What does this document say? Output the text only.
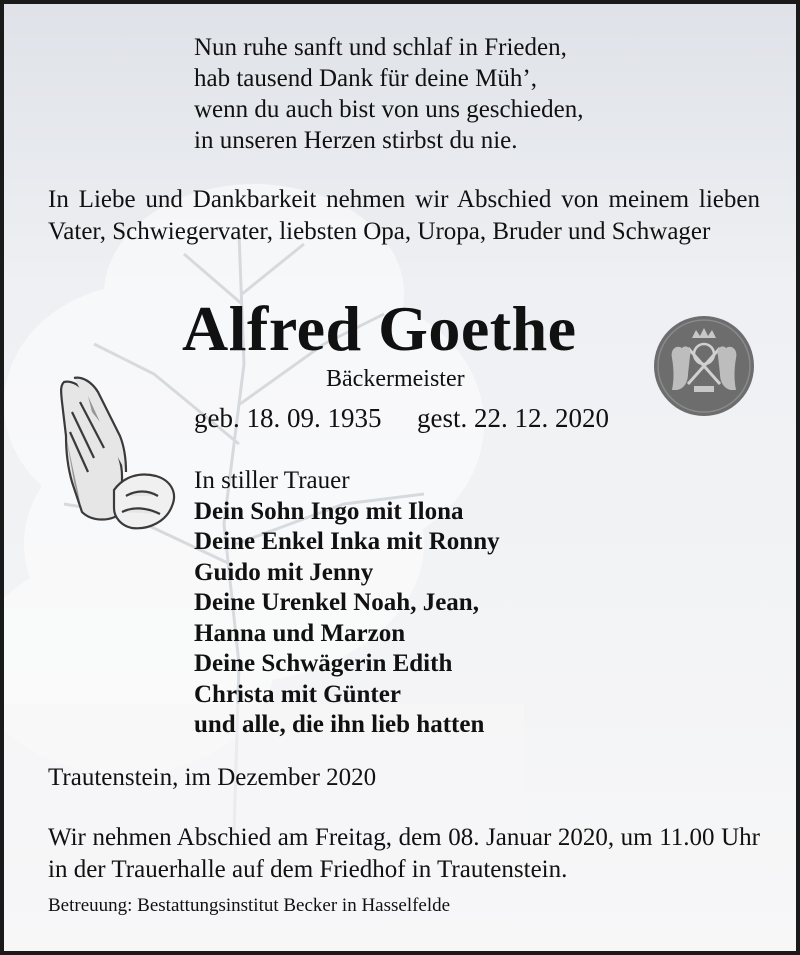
Nun ruhe sanft und schlaf in Frieden,
hab tausend Dank für deine Müh’,
wenn du auch bist von uns geschieden,
in unseren Herzen stirbst du nie.

In Liebe und Dankbarkeit nehmen wir Abschied von meinem lieben Vater, Schwiegervater, liebsten Opa, Uropa, Bruder und Schwager

Alfred Goethe
Bäckermeister
geb. 18. 09. 1935 gest. 22. 12. 2020
In stiller Trauer
Dein Sohn Ingo mit Ilona
Deine Enkel Inka mit Ronny
Guido mit Jenny
Deine Urenkel Noah, Jean,
Hanna und Marzon
Deine Schwägerin Edith
Christa mit Günter
und alle, die ihn lieb hatten
Trautenstein, im Dezember 2020

Wir nehmen Abschied am Freitag, dem 08. Januar 2020, um 11.00 Uhr in der Trauerhalle auf dem Friedhof in Trautenstein.

Betreuung: Bestattungsinstitut Becker in Hasselfelde
